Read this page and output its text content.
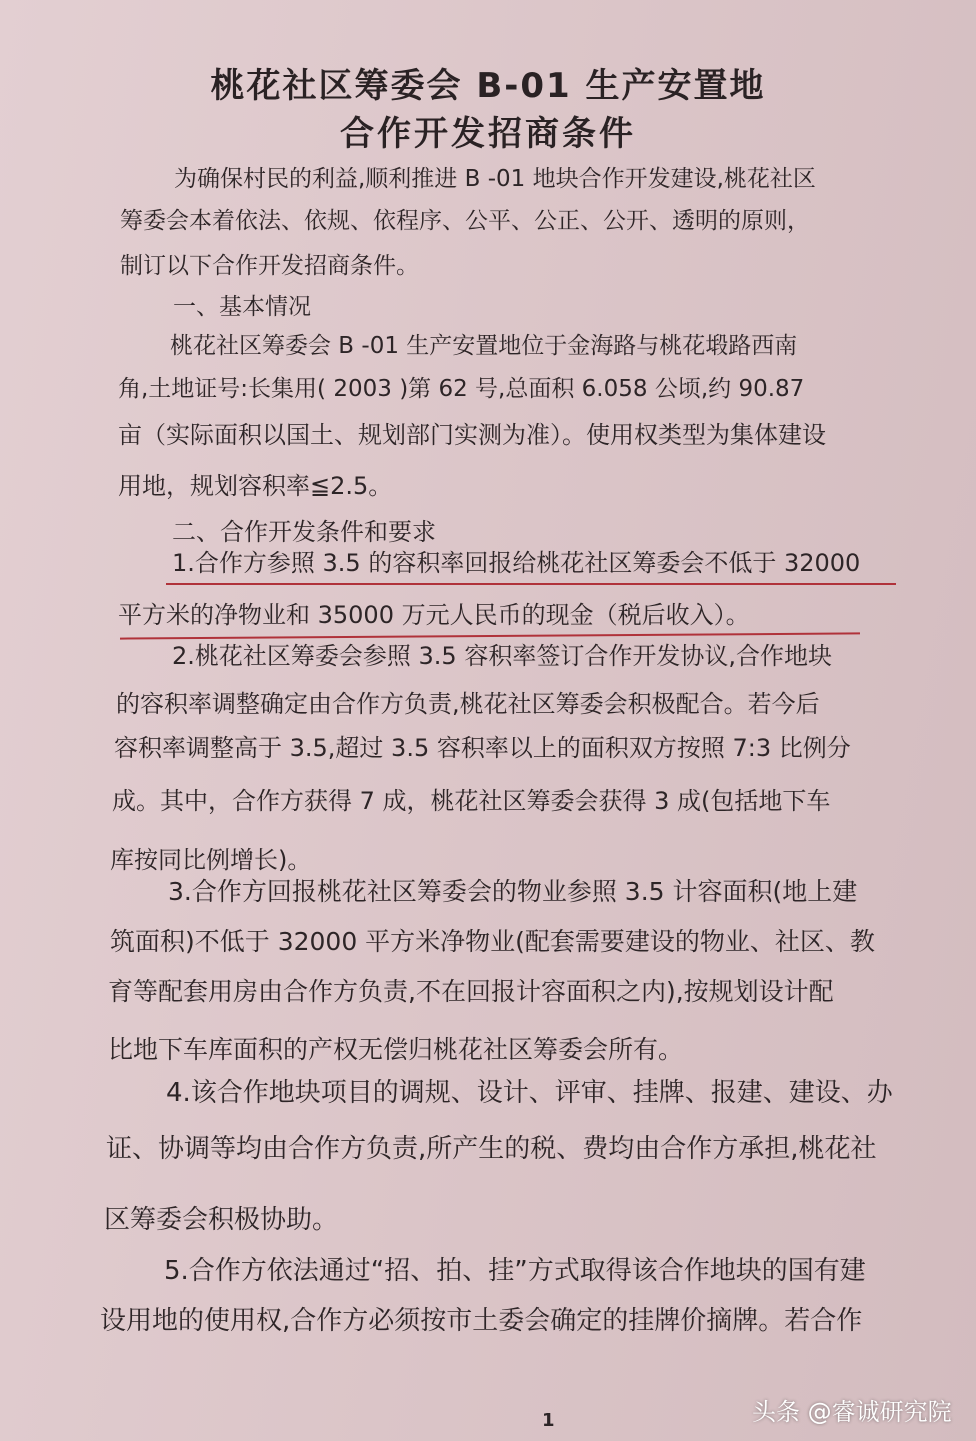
桃花社区筹委会 B-01 生产安置地
合作开发招商条件
为确保村民的利益,顺利推进 B -01 地块合作开发建设,桃花社区
筹委会本着依法、依规、依程序、公平、公正、公开、透明的原则，
制订以下合作开发招商条件。
一、基本情况
桃花社区筹委会 B -01 生产安置地位于金海路与桃花塅路西南
角,土地证号:长集用( 2003 )第 62 号,总面积 6.058 公顷,约 90.87
亩（实际面积以国土、规划部门实测为准）。使用权类型为集体建设
用地，规划容积率≦2.5。
二、合作开发条件和要求
1.合作方参照 3.5 的容积率回报给桃花社区筹委会不低于 32000
平方米的净物业和 35000 万元人民币的现金（税后收入）。
2.桃花社区筹委会参照 3.5 容积率签订合作开发协议,合作地块
的容积率调整确定由合作方负责,桃花社区筹委会积极配合。若今后
容积率调整高于 3.5,超过 3.5 容积率以上的面积双方按照 7:3 比例分
成。其中，合作方获得 7 成，桃花社区筹委会获得 3 成(包括地下车
库按同比例增长)。
3.合作方回报桃花社区筹委会的物业参照 3.5 计容面积(地上建
筑面积)不低于 32000 平方米净物业(配套需要建设的物业、社区、教
育等配套用房由合作方负责,不在回报计容面积之内),按规划设计配
比地下车库面积的产权无偿归桃花社区筹委会所有。
4.该合作地块项目的调规、设计、评审、挂牌、报建、建设、办
证、协调等均由合作方负责,所产生的税、费均由合作方承担,桃花社
区筹委会积极协助。
5.合作方依法通过“招、拍、挂”方式取得该合作地块的国有建
设用地的使用权,合作方必须按市土委会确定的挂牌价摘牌。若合作
1	头条 @睿诚研究院
